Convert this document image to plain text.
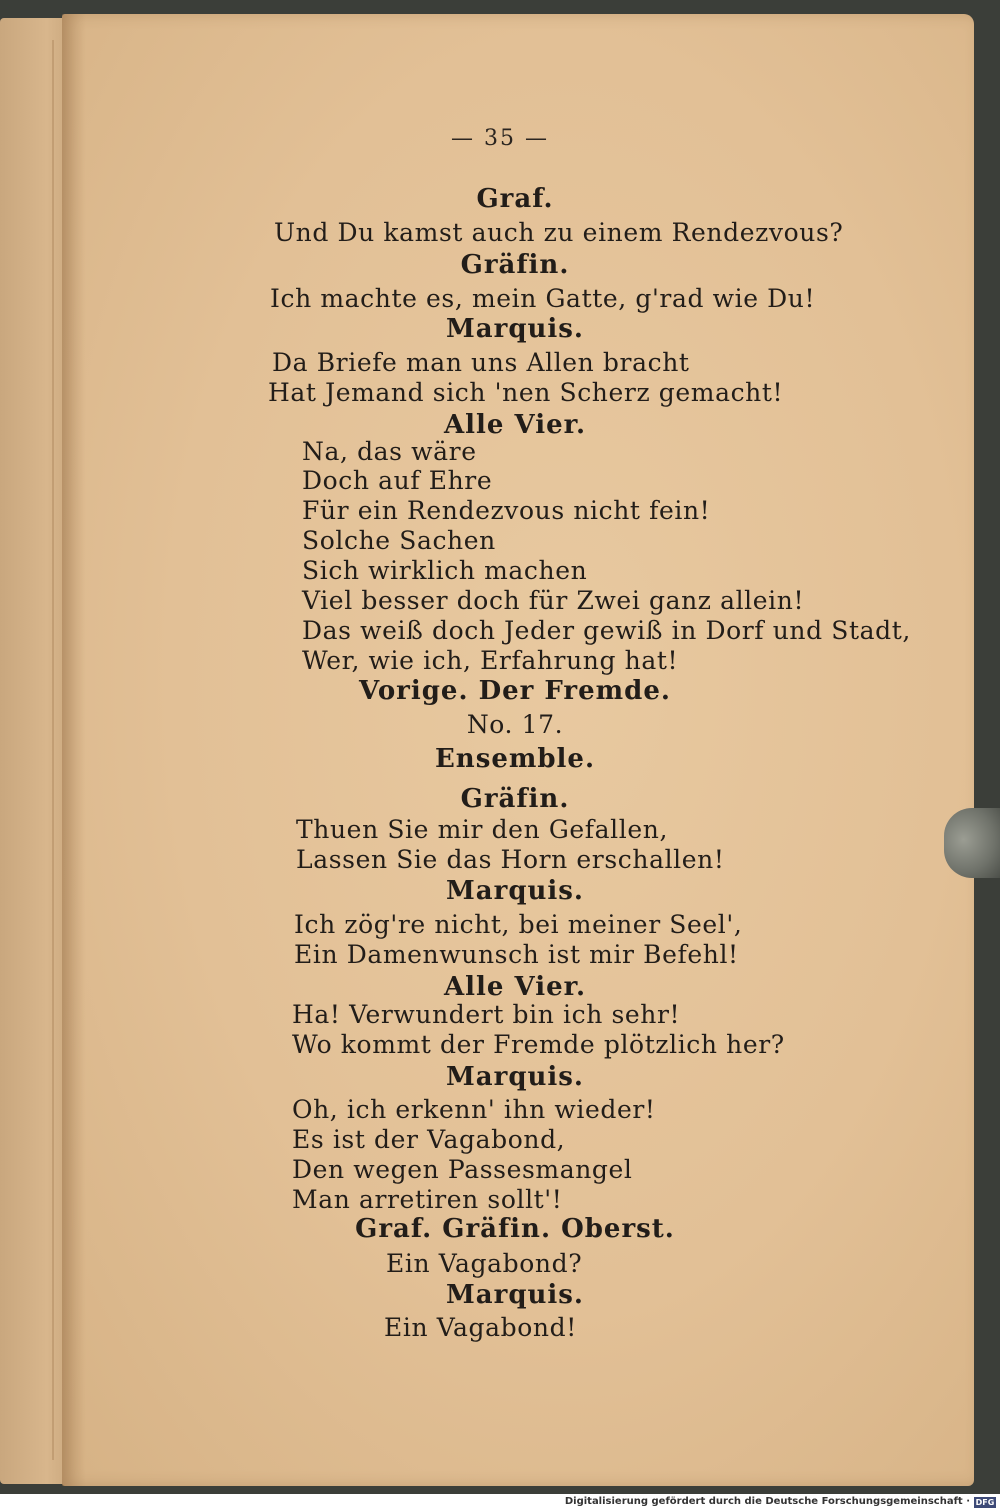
— 35 —
Graf.
Und Du kamst auch zu einem Rendezvous?
Gräfin.
Ich machte es, mein Gatte, g'rad wie Du!
Marquis.
Da Briefe man uns Allen bracht
Hat Jemand sich 'nen Scherz gemacht!
Alle Vier.
Na, das wäre
Doch auf Ehre
Für ein Rendezvous nicht fein!
Solche Sachen
Sich wirklich machen
Viel besser doch für Zwei ganz allein!
Das weiß doch Jeder gewiß in Dorf und Stadt,
Wer, wie ich, Erfahrung hat!
Vorige. Der Fremde.
No. 17.
Ensemble.
Gräfin.
Thuen Sie mir den Gefallen,
Lassen Sie das Horn erschallen!
Marquis.
Ich zög're nicht, bei meiner Seel',
Ein Damenwunsch ist mir Befehl!
Alle Vier.
Ha! Verwundert bin ich sehr!
Wo kommt der Fremde plötzlich her?
Marquis.
Oh, ich erkenn' ihn wieder!
Es ist der Vagabond,
Den wegen Passesmangel
Man arretiren sollt'!
Graf. Gräfin. Oberst.
Ein Vagabond?
Marquis.
Ein Vagabond!
Digitalisierung gefördert durch die Deutsche Forschungsgemeinschaft · DFG
